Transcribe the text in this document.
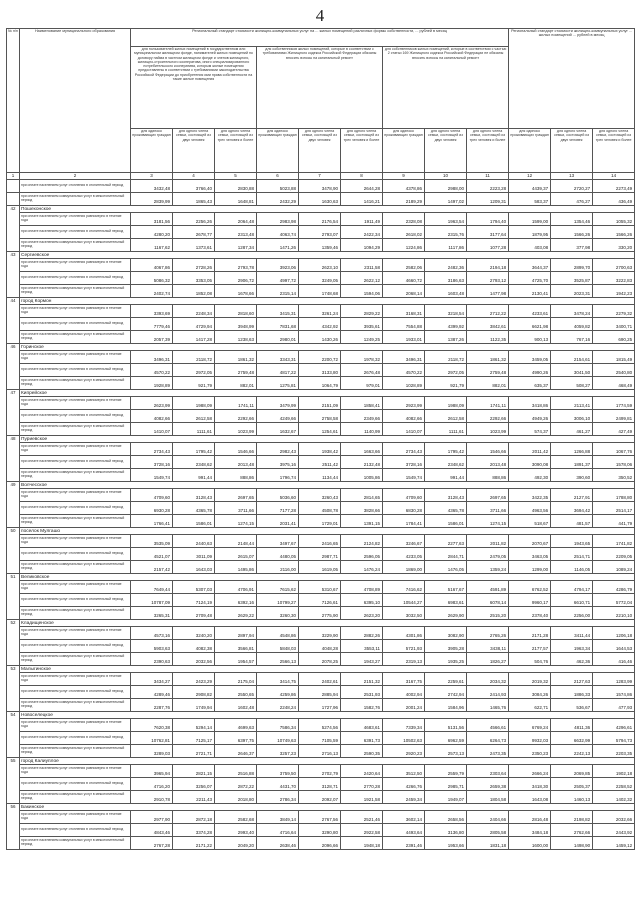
4
№ п/п	Наименование муниципального образования	Региональный стандарт стоимости жилищно-коммунальных услуг на ... жилых помещений различных формы собственности, ... рублей в месяц									Региональный стандарт стоимости жилищно-коммунальных услуг ... жилых помещений ... рублей в месяц		
		для пользователей жилых помещений в государственном или муниципальном жилищном фонде, нанимателей жилых помещений по договору найма в частном жилищном фонде и членов жилищного, жилищно-строительного кооператива, иного специализированного потребительского кооператива, которым жилые помещения предоставлены в соответствии с требованиями законодательства Российской Федерации до приобретения ими права собственности на такие жилые помещения			для собственников жилых помещений, которые в соответствии с требованиями Жилищного кодекса Российской Федерации обязаны вносить взносы на капитальный ремонт			для собственников жилых помещений, которые в соответствии с частью 2 статьи 169 Жилищного кодекса Российской Федерации не обязаны вносить взносы на капитальный ремонт					
		для одиноко проживающих граждан	для одного члена семьи, состоящей из двух человек	для одного члена семьи, состоящей из трех человек и более	для одиноко проживающих граждан	для одного члена семьи, состоящей из двух человек	для одного члена семьи, состоящей из трех человек и более	для одиноко проживающих граждан	для одного члена семьи, состоящей из двух человек	для одного члена семьи, состоящей из трех человек и более	для одиноко проживающих граждан	для одного члена семьи, состоящей из двух человек	для одного члена семьи, состоящей из трех человек и более
1	2	3	4	5	6	7	8	9	10	11	12	13	14
	при оплате населением услуг отопления в отопительный период	3432,48	3766,40	2830,88	5023,88	3478,90	2644,28	4378,86	2988,00	2223,28	4439,37	2720,27	2273,49
	при оплате населением коммунальных услуг в межотопительный период	2839,99	1865,43	1648,81	2432,29	1630,63	1416,21	2189,29	1497,02	1209,31	583,37	476,27	436,49
42	Пошехонское												
	при оплате населением услуг отопления равномерно в течение года	3181,56	2256,26	2064,48	2983,98	2176,54	1911,49	2328,08	1963,54	1794,40	1599,00	1354,46	1055,32
	при оплате населением услуг отопления в отопительный период	4280,20	2678,77	2313,48	4063,74	2793,07	2422,34	2618,02	2315,76	3177,64	1879,95	1566,26	1566,26
	при оплате населением коммунальных услуг в межотопительный период	1167,62	1373,61	1287,34	1471,26	1359,46	1094,29	1224,86	1117,86	1077,28	403,08	377,98	330,20
43	Сергиевское												
	при оплате населением услуг отопления равномерно в течение года	4067,86	2728,26	2793,78	3923,06	2623,10	2311,58	2582,06	2482,36	2194,18	3644,37	2899,70	2700,63
	при оплате населением услуг отопления в отопительный период	5086,32	3353,05	2906,72	4997,72	3249,05	2622,12	4660,72	3186,63	2793,12	4725,70	3525,87	3222,83
	при оплате населением коммунальных услуг в межотопительный период	2402,74	1852,08	1678,66	2315,14	1748,68	1594,06	2068,14	1603,48	1477,98	2130,41	2023,31	1942,23
44	город Кормон												
	при оплате населением услуг отопления равномерно в течение года	3393,69	2248,34	2818,60	3415,31	3261,24	2829,22	3168,31	3218,54	2712,22	4233,61	3478,24	2279,32
	при оплате населением услуг отопления в отопительный период	7779,46	4729,94	3948,99	7831,68	4342,92	3935,61	7554,88	4399,92	3842,61	6621,98	4059,82	3400,71
	при оплате населением коммунальных услуг в межотопительный период	2057,39	1417,28	1238,63	2980,01	1430,26	1249,25	1933,01	1387,26	1122,35	900,13	767,16	690,25
46	Горинское												
	при оплате населением услуг отопления равномерно в течение года	3496,31	2118,72	1861,32	3343,31	2200,72	1978,32	3496,31	2118,72	1861,32	3459,05	2154,61	1815,49
	при оплате населением услуг отопления в отопительный период	4570,22	2972,05	2759,48	4817,22	3133,80	2676,48	4570,22	2972,05	2759,48	4990,26	3041,50	2540,80
	при оплате населением коммунальных услуг в межотопительный период	1928,89	921,79	882,01	1275,81	1064,79	979,01	1028,89	921,79	882,01	635,37	508,27	468,49
47	Кипрейское												
	при оплате населением услуг отопления равномерно в течение года	2623,99	1988,09	1741,11	3479,99	2151,09	1858,41	2923,99	1988,09	1741,11	3418,86	2113,41	1774,59
	при оплате населением услуг отопления в отопительный период	4082,66	2612,58	2292,66	4249,66	2758,58	2349,66	4082,66	2612,58	2292,66	4949,26	3006,10	2499,81
	при оплате населением коммунальных услуг в межотопительный период	1410,07	1111,61	1023,99	1632,67	1254,61	1140,99	1410,07	1111,61	1023,99	574,37	461,27	427,49
48	Пуриевское												
	при оплате населением услуг отопления равномерно в течение года	2734,43	1795,42	1546,66	2982,43	1938,42	1663,66	2734,43	1795,42	1546,66	2011,42	1266,88	1067,76
	при оплате населением услуг отопления в отопительный период	3728,16	2348,62	2013,48	3975,16	2511,42	2132,48	3728,16	2348,62	2013,48	3090,08	1891,37	1578,06
	при оплате населением коммунальных услуг в межотопительный период	1549,74	991,44	888,86	1796,74	1134,44	1005,86	1549,74	991,44	888,86	492,30	390,60	350,52
49	Волчесское												
	при оплате населением услуг отопления равномерно в течение года	4709,60	3128,43	2697,65	5036,60	3260,43	2814,65	4709,60	3128,43	2697,65	3422,35	2127,91	1788,80
	при оплате населением услуг отопления в отопительный период	6930,28	4365,78	3711,66	7177,28	4508,78	3828,66	6830,28	4365,78	3711,66	4963,56	3694,42	2514,17
	при оплате населением коммунальных услуг в межотопительный период	1766,41	1586,01	1274,15	2031,41	1729,01	1391,15	1784,41	1586,01	1274,15	518,67	481,57	441,79
50	поселок Мулгашо												
	при оплате населением услуг отопления равномерно в течение года	3535,09	2440,63	2148,44	3497,67	2416,65	2124,82	3246,67	2277,63	2011,82	2070,67	1943,65	1741,82
	при оплате населением услуг отопления в отопительный период	4521,07	3011,09	2615,07	4480,05	2987,71	2596,05	4233,05	2844,71	2479,05	3463,05	2514,71	2209,05
	при оплате населением коммунальных услуг в межотопительный период	2157,42	1643,03	1495,86	2116,00	1619,05	1476,24	1869,00	1476,05	1359,24	1299,00	1146,05	1089,24
51	Великовское												
	при оплате населением услуг отопления равномерно в течение года	7649,44	5307,03	4706,91	7615,62	5310,67	4708,89	7416,62	5167,67	4591,89	6762,52	4794,17	4286,79
	при оплате населением услуг отопления в отопительный период	10787,09	7124,19	6392,16	10799,27	7126,61	6395,10	10544,27	6983,61	6078,14	9960,17	6610,71	5772,04
	при оплате населением коммунальных услуг в межотопительный период	3265,31	2709,48	2629,22	3260,30	2775,90	2623,20	3032,50	2629,90	2515,20	2378,40	2256,00	2210,10
52	Кладищенское												
	при оплате населением услуг отопления равномерно в течение года	4573,16	3240,20	2897,94	4548,86	3229,90	2882,26	4301,86	3082,90	2765,26	2171,28	3411,44	1206,18
	при оплате населением услуг отопления в отопительный период	5903,63	4082,38	3566,81	5848,03	4048,28	3553,11	5721,93	3905,28	3438,11	2177,57	1963,34	1644,53
	при оплате населением коммунальных услуг в межотопительный период	2390,63	2032,56	1954,57	2566,13	2078,25	1943,27	2319,13	1935,25	1826,27	504,76	462,36	416,46
53	Малыгинское												
	при оплате населением услуг отопления равномерно в течение года	3434,27	2423,29	2175,04	3414,75	2402,61	2151,32	3167,75	2259,61	2034,32	2019,32	2127,63	1283,99
	при оплате населением услуг отопления в отопительный период	4289,46	2908,82	2550,65	4259,86	2885,94	2531,93	4002,94	2742,94	2414,93	3084,26	1886,33	1574,86
	при оплате населением коммунальных услуг в межотопительный период	2287,76	1749,94	1602,48	2248,24	1727,96	1582,76	2001,24	1584,96	1465,76	622,71	536,67	477,93
54	Новоселецкое												
	при оплате населением услуг отопления равномерно в течение года	7620,38	5294,14	4699,63	7586,34	5274,56	4683,61	7339,34	5131,56	4566,61	6769,24	4811,36	4296,61
	при оплате населением услуг отопления в отопительный период	10762,81	7125,17	6397,75	10749,63	7105,59	6391,73	10502,63	6962,59	6264,73	9932,03	6632,99	5794,73
	при оплате населением коммунальных услуг в межотопительный период	3289,03	2721,71	2646,37	3257,23	2716,13	2590,35	2920,23	2573,13	2473,35	2350,23	2242,13	2203,35
55	город Калиуплое												
	при оплате населением услуг отопления равномерно в течение года	3965,94	2821,15	2516,88	3759,50	2702,79	2420,64	3512,50	2559,79	2303,64	2666,24	2069,85	1902,18
	при оплате населением услуг отопления в отопительный период	4716,20	3256,07	2872,22	4431,70	3128,71	2770,28	4266,76	2985,71	2659,38	3418,30	2505,37	2258,52
	при оплате населением коммунальных услуг в межотопительный период	2910,78	2211,43	2018,80	2786,34	2092,07	1921,58	2459,34	1949,07	1804,58	1643,08	1460,13	1402,32
56	Бакинское												
	при оплате населением услуг отопления равномерно в течение года	2977,90	2872,18	2582,68	3849,14	2767,56	2521,46	3602,14	2658,56	2404,66	2816,48	2198,82	2032,66
	при оплате населением услуг отопления в отопительный период	4843,46	3374,28	2993,40	4716,64	3290,80	2922,58	4493,64	3136,80	2805,58	3484,18	2762,66	2443,92
	при оплате населением коммунальных услуг в межотопительный период	2767,28	2171,22	2049,20	2638,46	2096,66	1948,18	2391,46	1953,66	1831,18	1600,00	1498,90	1459,12
